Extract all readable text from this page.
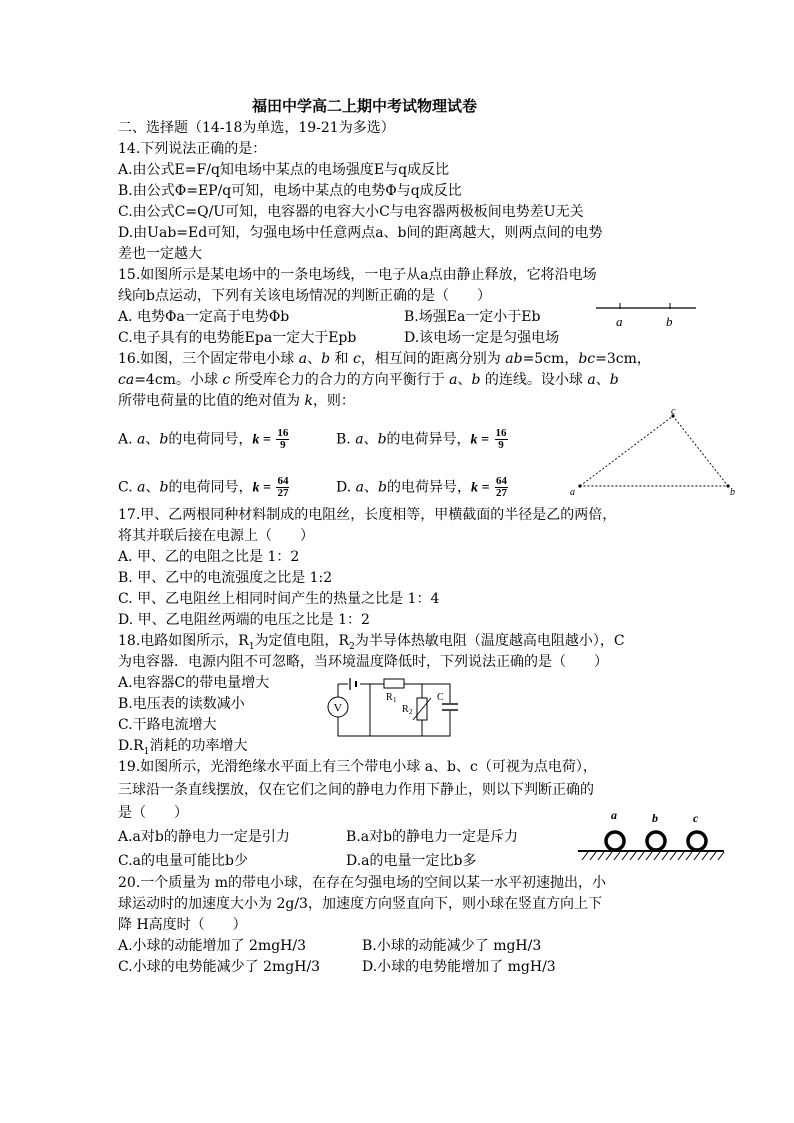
福田中学高二上期中考试物理试卷
二、选择题（14-18为单选，19-21为多选）
14.下列说法正确的是：
A.由公式E=F/q知电场中某点的电场强度E与q成反比
B.由公式Φ=EP/q可知，电场中某点的电势Φ与q成反比
C.由公式C=Q/U可知，电容器的电容大小C与电容器两极板间电势差U无关
D.由Uab=Ed可知，匀强电场中任意两点a、b间的距离越大，则两点间的电势
差也一定越大
15.如图所示是某电场中的一条电场线，一电子从a点由静止释放，它将沿电场
线向b点运动，下列有关该电场情况的判断正确的是（　　）
A. 电势Φa一定高于电势Φb	B.场强Ea一定小于Eb
C.电子具有的电势能Epa一定大于Epb	D.该电场一定是匀强电场
a	b
16.如图，三个固定带电小球 a、b 和 c，相互间的距离分别为 ab=5cm，bc=3cm，
ca=4cm。小球 c 所受库仑力的合力的方向平衡行于 a、b 的连线。设小球 a、b
所带电荷量的比值的绝对值为 k，则：
A. a、b的电荷同号，$k = \frac{16}{9}$	B. a、b的电荷异号，$k = \frac{16}{9}$
C. a、b的电荷同号，$k = \frac{64}{27}$	D. a、b的电荷异号，$k = \frac{64}{27}$	a
c
b
17.甲、乙两根同种材料制成的电阻丝，长度相等，甲横截面的半径是乙的两倍，
将其并联后接在电源上（　　）
A. 甲、乙的电阻之比是 1：2
B. 甲、乙中的电流强度之比是 1:2
C. 甲、乙电阻丝上相同时间产生的热量之比是 1：4
D. 甲、乙电阻丝两端的电压之比是 1：2
18.电路如图所示，$R_1$为定值电阻，$R_2$为半导体热敏电阻（温度越高电阻越小），C
为电容器．电源内阻不可忽略，当环境温度降低时，下列说法正确的是（　　）
A.电容器C的带电量增大
B.电压表的读数减小
C.干路电流增大
$D.R_1$消耗的功率增大
V
R 1
R 2
C
19.如图所示，光滑绝缘水平面上有三个带电小球 a、b、c（可视为点电荷），
三球沿一条直线摆放，仅在它们之间的静电力作用下静止，则以下判断正确的
是（　　）
A.a对b的静电力一定是引力	B.a对b的静电力一定是斥力
C.a的电量可能比b少	D.a的电量一定比b多
a	b	c
20.一个质量为 m的带电小球，在存在匀强电场的空间以某一水平初速抛出，小
球运动时的加速度大小为 2g/3，加速度方向竖直向下，则小球在竖直方向上下
降 H高度时（　　）
A.小球的动能增加了 2mgH/3	B.小球的动能减少了 mgH/3
C.小球的电势能减少了 2mgH/3	D.小球的电势能增加了 mgH/3
